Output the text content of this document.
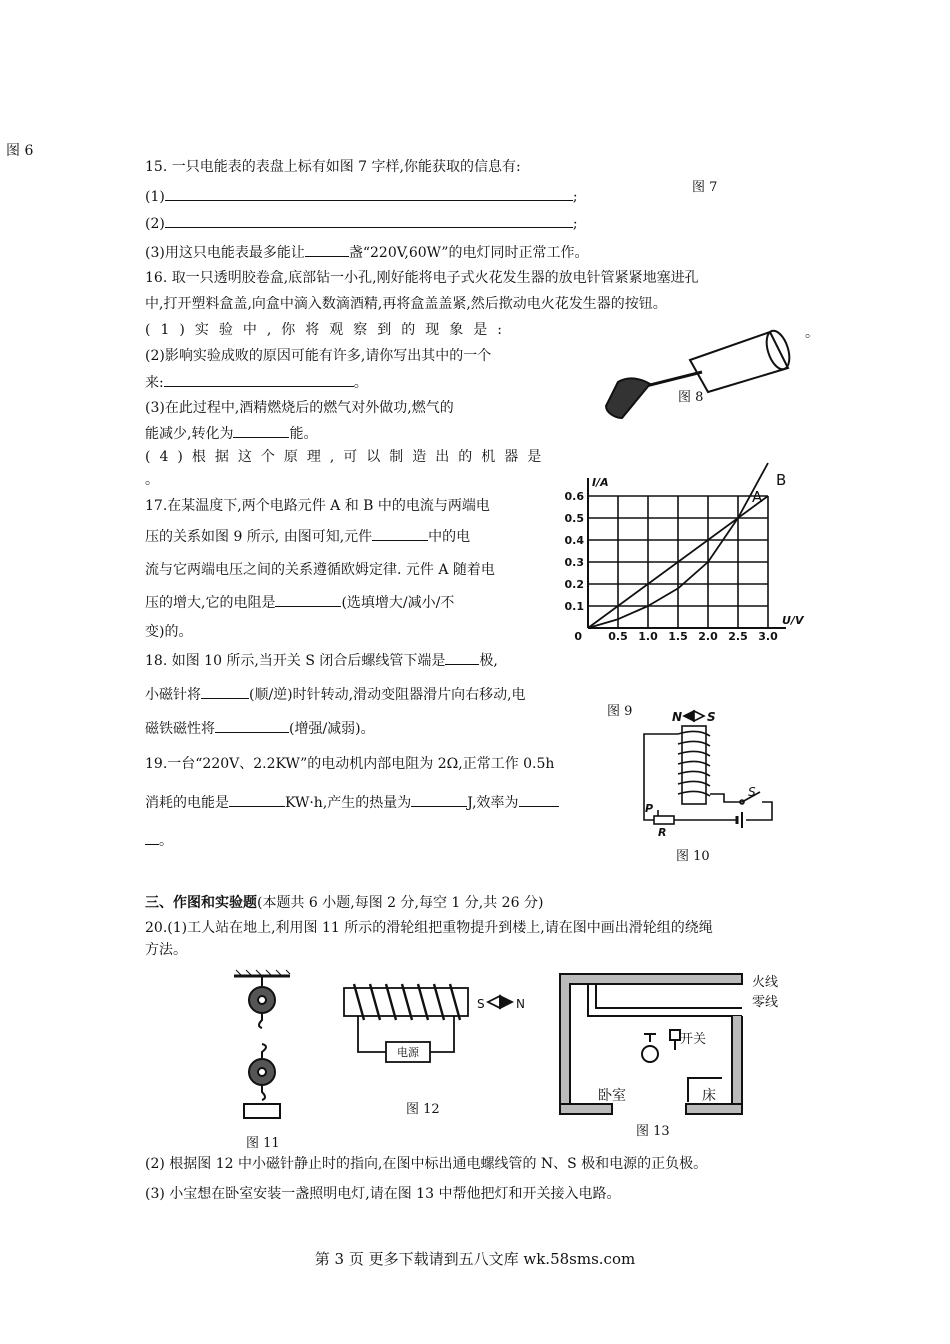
图 6
15. 一只电能表的表盘上标有如图 7 字样,你能获取的信息有:
图 7
(1)	;
(2)	;
(3)用这只电能表最多能让	盏“220V,60W”的电灯同时正常工作。
16. 取一只透明胶卷盒,底部钻一小孔,刚好能将电子式火花发生器的放电针管紧紧地塞进孔
中,打开塑料盒盖,向盒中滴入数滴酒精,再将盒盖盖紧,然后揿动电火花发生器的按钮。
(1)实验中,你将观察到的现象是:	。
(2)影响实验成败的原因可能有许多,请你写出其中的一个
来:	。
(3)在此过程中,酒精燃烧后的燃气对外做功,燃气的
能减少,转化为	能。
(4)根据这个原理,可以制造出的机器是
。
图 8
17.在某温度下,两个电路元件 A 和 B 中的电流与两端电
压的关系如图 9 所示, 由图可知,元件	中的电
流与它两端电压之间的关系遵循欧姆定律. 元件 A 随着电
压的增大,它的电阻是	(选填增大/减小/不
变)的。	0.5 1.0 1.5 2.0 2.5 3.0
0.1
0.2
0.3
0.4
0.5
0.6
0
U/V
I/A
A
B
18. 如图 10 所示,当开关 S 闭合后螺线管下端是 极,
小磁针将	(顺/逆)时针转动,滑动变阻器滑片向右移动,电
图 9
磁铁磁性将	(增强/减弱)。
N S
P
R
S
图 10
19.一台“220V、2.2KW”的电动机内部电阻为 2Ω,正常工作 0.5h
消耗的电能是	KW·h,产生的热量为	J,效率为
。
三、作图和实验题(本题共 6 小题,每图 2 分,每空 1 分,共 26 分)
20.(1)工人站在地上,利用图 11 所示的滑轮组把重物提升到楼上,请在图中画出滑轮组的绕绳
方法。
图 11
电源
S	N
图 12
开关
火线
零线
卧室	床
图 13
(2) 根据图 12 中小磁针静止时的指向,在图中标出通电螺线管的 N、S 极和电源的正负极。
(3) 小宝想在卧室安装一盏照明电灯,请在图 13 中帮他把灯和开关接入电路。
第 3 页 更多下载请到五八文库 wk.58sms.com
